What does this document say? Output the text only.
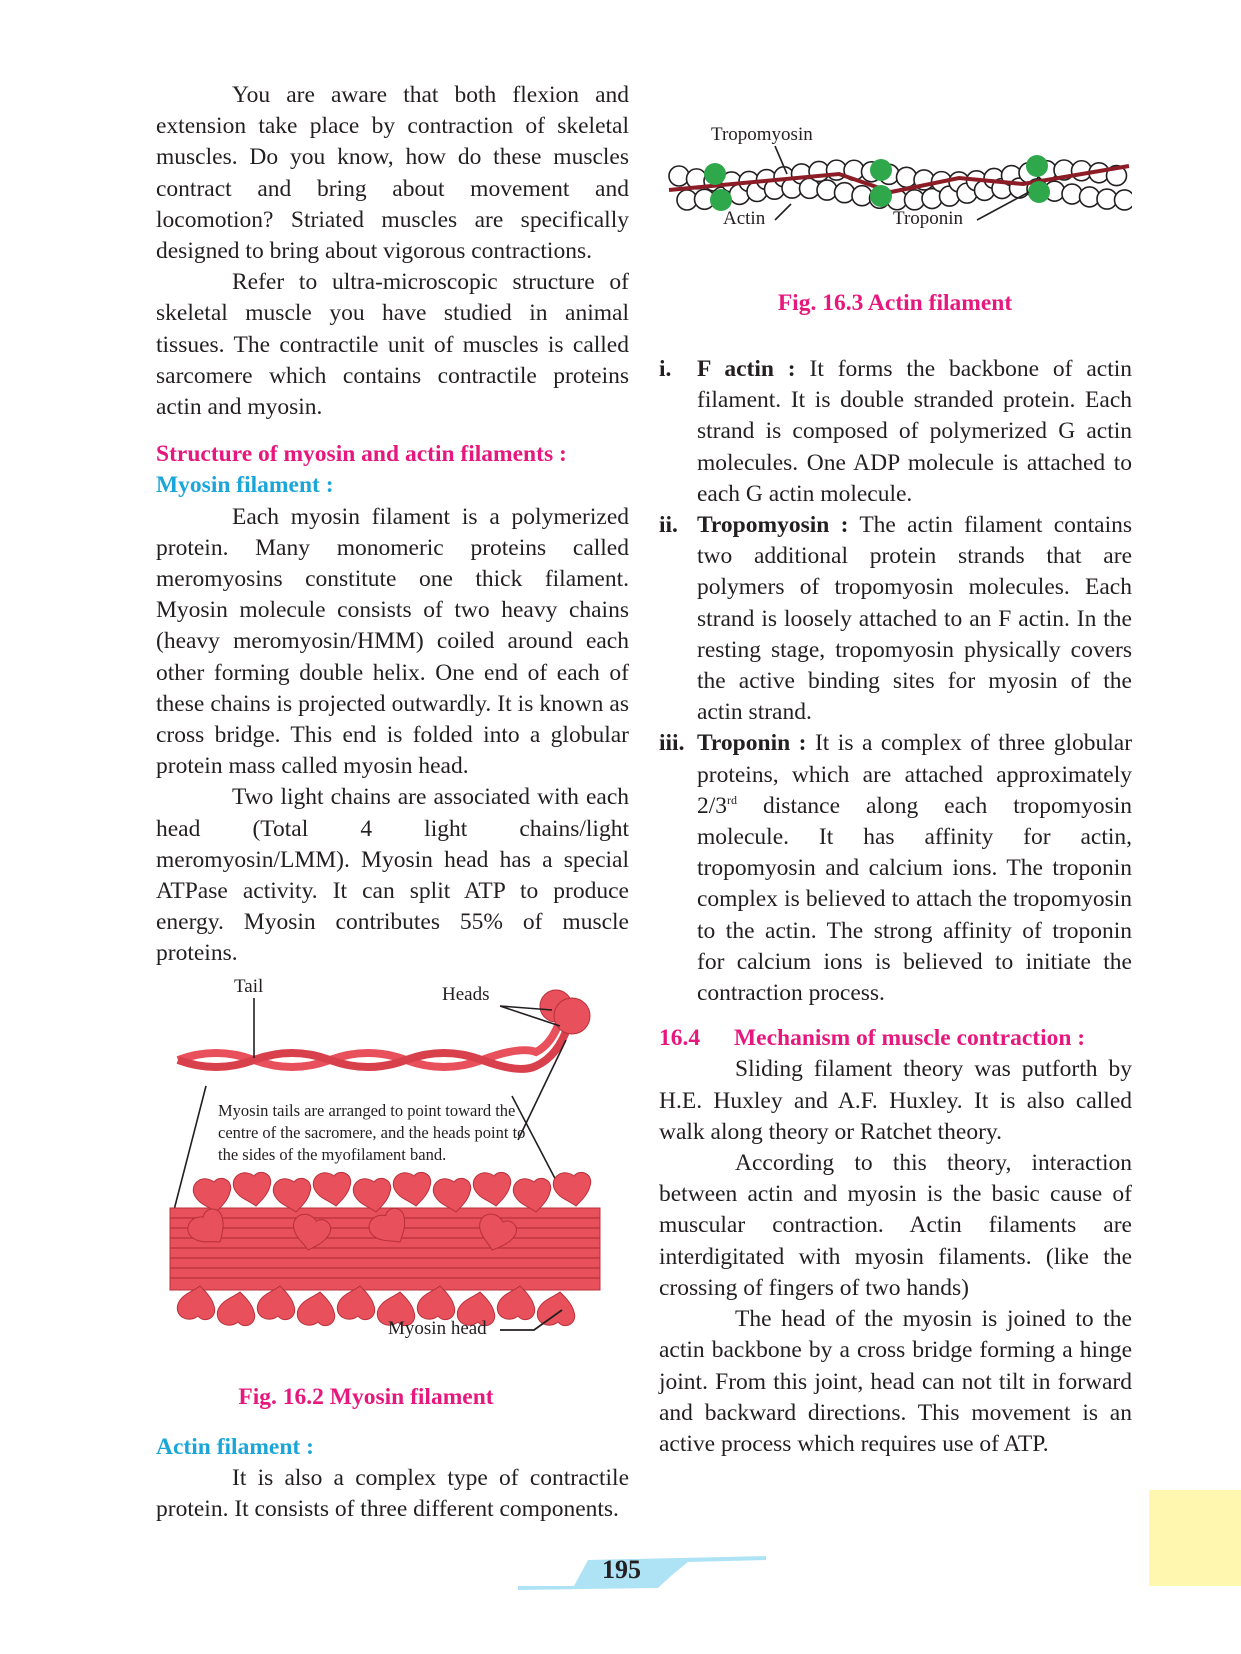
You are aware that both flexion and extension take place by contraction of skeletal muscles. Do you know, how do these muscles contract and bring about movement and locomotion? Striated muscles are specifically designed to bring about vigorous contractions.

Refer to ultra-microscopic structure of skeletal muscle you have studied in animal tissues. The contractile unit of muscles is called sarcomere which contains contractile proteins actin and myosin.

Structure of myosin and actin filaments :

Myosin filament :

Each myosin filament is a polymerized protein. Many monomeric proteins called meromyosins constitute one thick filament. Myosin molecule consists of two heavy chains (heavy meromyosin/HMM) coiled around each other forming double helix. One end of each of these chains is projected outwardly. It is known as cross bridge. This end is folded into a globular protein mass called myosin head.

Two light chains are associated with each head (Total 4 light chains/light meromyosin/LMM). Myosin head has a special ATPase activity. It can split ATP to produce energy. Myosin contributes 55% of muscle proteins.

Tail	Heads
Myosin tails are arranged to point toward the centre of the sacromere, and the heads point to the sides of the myofilament band.
Myosin head
Fig. 16.2 Myosin filament

Actin filament :

It is also a complex type of contractile protein. It consists of three different components.

Tropomyosin
Actin	Troponin
Fig. 16.3 Actin filament
i. F actin : It forms the backbone of actin filament. It is double stranded protein. Each strand is composed of polymerized G actin molecules. One ADP molecule is attached to each G actin molecule.
ii. Tropomyosin : The actin filament contains two additional protein strands that are polymers of tropomyosin molecules. Each strand is loosely attached to an F actin. In the resting stage, tropomyosin physically covers the active binding sites for myosin of the actin strand.
iii. Troponin : It is a complex of three globular proteins, which are attached approximately 2/3rd distance along each tropomyosin molecule. It has affinity for actin, tropomyosin and calcium ions. The troponin complex is believed to attach the tropomyosin to the actin. The strong affinity of troponin for calcium ions is believed to initiate the contraction process.

16.4 Mechanism of muscle contraction :

Sliding filament theory was putforth by H.E. Huxley and A.F. Huxley. It is also called walk along theory or Ratchet theory.

According to this theory, interaction between actin and myosin is the basic cause of muscular contraction. Actin filaments are interdigitated with myosin filaments. (like the crossing of fingers of two hands)

The head of the myosin is joined to the actin backbone by a cross bridge forming a hinge joint. From this joint, head can not tilt in forward and backward directions. This movement is an active process which requires use of ATP.

195
